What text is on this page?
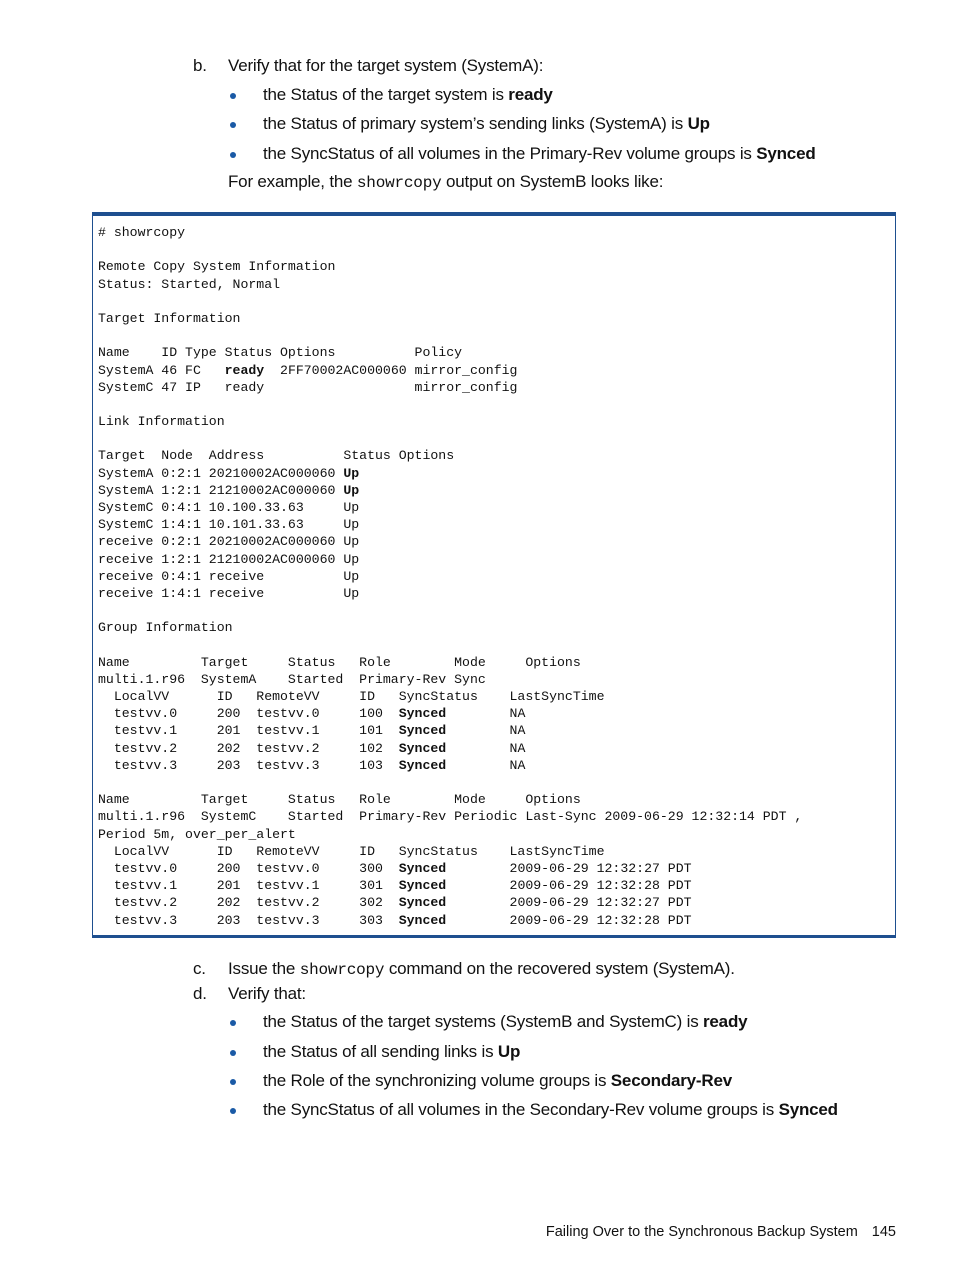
b. Verify that for the target system (SystemA):
the Status of the target system is ready
the Status of primary system’s sending links (SystemA) is Up
the SyncStatus of all volumes in the Primary-Rev volume groups is Synced
For example, the showrcopy output on SystemB looks like:
# showrcopy
Remote Copy System Information
Status: Started, Normal
Target Information
Name    ID Type Status Options          Policy
SystemA 46 FC   ready  2FF70002AC000060 mirror_config
SystemC 47 IP   ready                   mirror_config
Link Information
Target  Node  Address          Status Options
SystemA 0:2:1 20210002AC000060 Up
SystemA 1:2:1 21210002AC000060 Up
SystemC 0:4:1 10.100.33.63     Up
SystemC 1:4:1 10.101.33.63     Up
receive 0:2:1 20210002AC000060 Up
receive 1:2:1 21210002AC000060 Up
receive 0:4:1 receive          Up
receive 1:4:1 receive          Up
Group Information
Name         Target     Status   Role        Mode     Options
multi.1.r96  SystemA    Started  Primary-Rev Sync
LocalVV      ID   RemoteVV     ID   SyncStatus    LastSyncTime
testvv.0     200  testvv.0     100  Synced        NA
testvv.1     201  testvv.1     101  Synced        NA
testvv.2     202  testvv.2     102  Synced        NA
testvv.3     203  testvv.3     103  Synced        NA
Name         Target     Status   Role        Mode     Options
multi.1.r96  SystemC    Started  Primary-Rev Periodic Last-Sync 2009-06-29 12:32:14 PDT ,
Period 5m, over_per_alert
LocalVV      ID   RemoteVV     ID   SyncStatus    LastSyncTime
testvv.0     200  testvv.0     300  Synced        2009-06-29 12:32:27 PDT
testvv.1     201  testvv.1     301  Synced        2009-06-29 12:32:28 PDT
testvv.2     202  testvv.2     302  Synced        2009-06-29 12:32:27 PDT
testvv.3     203  testvv.3     303  Synced        2009-06-29 12:32:28 PDT
c. Issue the showrcopy command on the recovered system (SystemA).
d. Verify that:
the Status of the target systems (SystemB and SystemC) is ready
the Status of all sending links is Up
the Role of the synchronizing volume groups is Secondary-Rev
the SyncStatus of all volumes in the Secondary-Rev volume groups is Synced
Failing Over to the Synchronous Backup System 145
